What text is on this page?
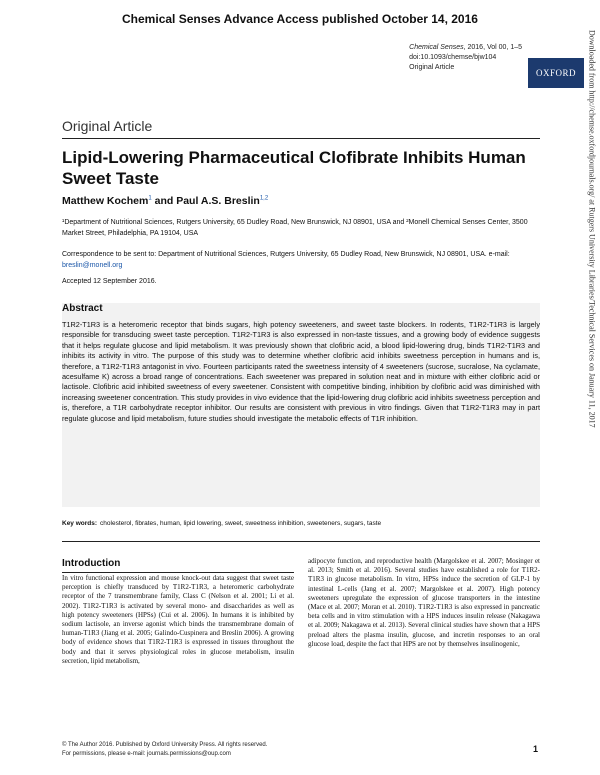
Chemical Senses Advance Access published October 14, 2016
Chemical Senses, 2016, Vol 00, 1–5
doi:10.1093/chemse/bjw104
Original Article
OXFORD	Downloaded from http://chemse.oxfordjournals.org/ at Rutgers University Libraries/Technical Services on January 11, 2017
Original Article
Lipid-Lowering Pharmaceutical Clofibrate Inhibits Human Sweet Taste
Matthew Kochem$^1$ and Paul A.S. Breslin$^{1,2}$
¹Department of Nutritional Sciences, Rutgers University, 65 Dudley Road, New Brunswick, NJ 08901, USA and ²Monell Chemical Senses Center, 3500 Market Street, Philadelphia, PA 19104, USA
Correspondence to be sent to: Department of Nutritional Sciences, Rutgers University, 65 Dudley Road, New Brunswick, NJ 08901, USA. e-mail: breslin@monell.org
Accepted 12 September 2016.
Abstract
T1R2-T1R3 is a heteromeric receptor that binds sugars, high potency sweeteners, and sweet taste blockers. In rodents, T1R2-T1R3 is largely responsible for transducing sweet taste perception. T1R2-T1R3 is also expressed in non-taste tissues, and a growing body of evidence suggests that it helps regulate glucose and lipid metabolism. It was previously shown that clofibric acid, a blood lipid-lowering drug, binds T1R2-T1R3 and inhibits its activity in vitro. The purpose of this study was to determine whether clofibric acid inhibits sweetness perception in humans and is, therefore, a T1R2-T1R3 antagonist in vivo. Fourteen participants rated the sweetness intensity of 4 sweeteners (sucrose, sucralose, Na cyclamate, acesulfame K) across a broad range of concentrations. Each sweetener was prepared in solution neat and in mixture with either clofibric acid or lactisole. Clofibric acid inhibited sweetness of every sweetener. Consistent with competitive binding, inhibition by clofibric acid was diminished with increasing sweetener concentration. This study provides in vivo evidence that the lipid-lowering drug clofibric acid inhibits sweetness perception and is, therefore, a T1R carbohydrate receptor inhibitor. Our results are consistent with previous in vitro findings. Given that T1R2-T1R3 may in part regulate glucose and lipid metabolism, future studies should investigate the metabolic effects of T1R inhibition.
Key words: cholesterol, fibrates, human, lipid lowering, sweet, sweetness inhibition, sweeteners, sugars, taste
Introduction
In vitro functional expression and mouse knock-out data suggest that sweet taste perception is chiefly transduced by T1R2-T1R3, a heteromeric carbohydrate receptor of the 7 transmembrane family, Class C (Nelson et al. 2001; Li et al. 2002). T1R2-T1R3 is activated by several mono- and disaccharides as well as high potency sweeteners (HPSs) (Cui et al. 2006). In humans it is inhibited by sodium lactisole, an inverse agonist which binds the transmembrane domain of human-T1R3 (Jiang et al. 2005; Galindo-Cuspinera and Breslin 2006). A growing body of evidence shows that T1R2-T1R3 is expressed in tissues throughout the body and that it serves physiological roles in glucose metabolism, insulin secretion, lipid metabolism,
adipocyte function, and reproductive health (Margolskee et al. 2007; Mosinger et al. 2013; Smith et al. 2016). Several studies have established a role for T1R2-T1R3 in glucose metabolism. In vitro, HPSs induce the secretion of GLP-1 by intestinal L-cells (Jang et al. 2007; Margolskee et al. 2007). High potency sweeteners upregulate the expression of glucose transporters in the intestine (Mace et al. 2007; Moran et al. 2010). T1R2-T1R3 is also expressed in pancreatic beta cells and in vitro stimulation with a HPS induces insulin release (Nakagawa et al. 2009; Nakagawa et al. 2013). Several clinical studies have shown that a HPS preload alters the plasma insulin, glucose, and incretin responses to an oral glucose load, despite the fact that HPS are not by themselves insulinogenic,
© The Author 2016. Published by Oxford University Press. All rights reserved.
For permissions, please e-mail: journals.permissions@oup.com	1
